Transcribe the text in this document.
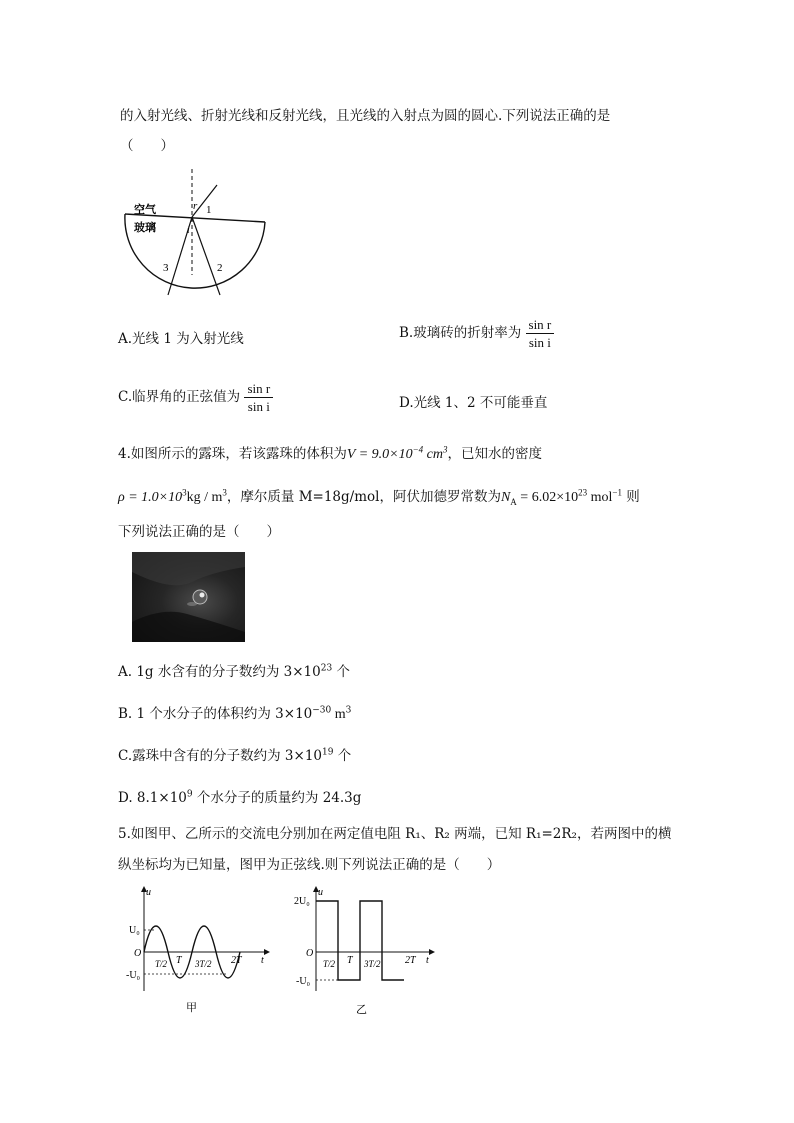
的入射光线、折射光线和反射光线，且光线的入射点为圆的圆心.下列说法正确的是
（　　）
空气
玻璃
r
i
1
2
3
A.光线 1 为入射光线	B.玻璃砖的折射率为 $\frac{\text{sin r}}{\text{sin i}}$
C.临界角的正弦值为 $\frac{\text{sin r}}{\text{sin i}}$	D.光线 1、2 不可能垂直
4.如图所示的露珠，若该露珠的体积为$V = 9.0\times 10^{-4}$ $cm^3$，已知水的密度
$\rho = 1.0\times 10^3kg / m^3$，摩尔质量 M=18g/mol，阿伏加德罗常数为$N_A = 6.02\times 10^{23}$ mol$^{-1}$ 则
下列说法正确的是（　　）
A. 1g 水含有的分子数约为 $3\times 10^{23}$ 个
B. 1 个水分子的体积约为 $3\times 10^{-30}$ $m^3$
C.露珠中含有的分子数约为 $3\times 10^{19}$ 个
D. $8.1\times 10^9$ 个水分子的质量约为 24.3g
5.如图甲、乙所示的交流电分别加在两定值电阻 R₁、R₂ 两端，已知 R₁=2R₂，若两图中的横
纵坐标均为已知量，图甲为正弦线.则下列说法正确的是（　　）
u
U₀
-U₀
O
t
T/2 T 3T/2 2T
甲
u
2U₀
-U₀
O
t
T/2 T 3T/2 2T
乙
